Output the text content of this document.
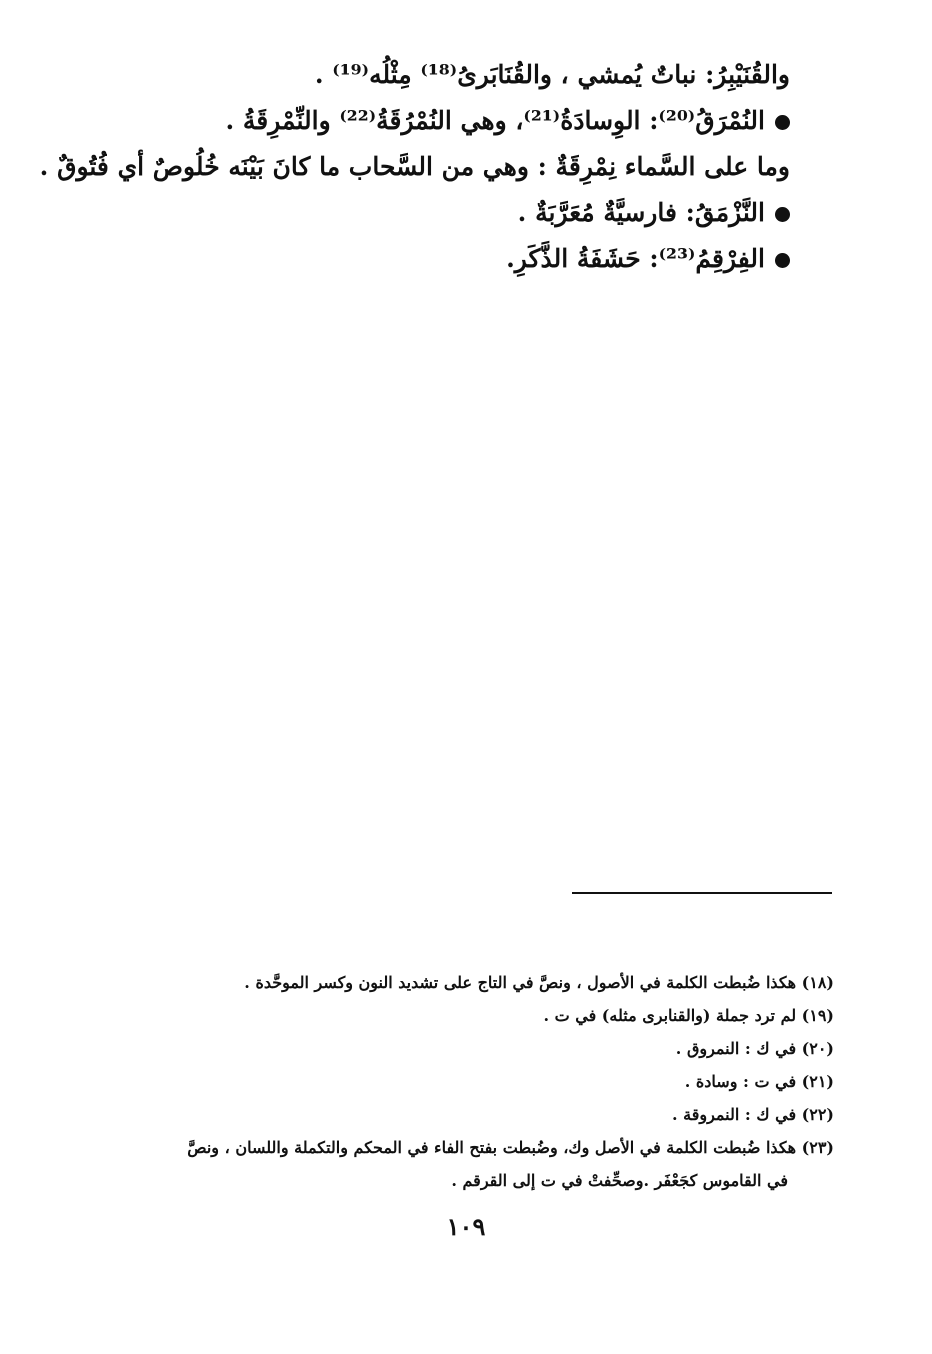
والقُنَيْبِرُ: نباتٌ يُمشي ، والقُنَابَرىُ⁽¹⁸⁾ مِثْلُه⁽¹⁹⁾ .
النُمْرَقُ⁽²⁰⁾: الوِسادَةُ⁽²¹⁾، وهي النُمْرُقَةُ⁽²²⁾ والنِّمْرِقَةُ .
وما على السَّماء نِمْرِقَةٌ : وهي من السَّحاب ما كانَ بَيْنَه خُلُوصٌ أي فُتُوقٌ .
النَّزْمَقُ: فارسيَّةٌ مُعَرَّبَةٌ .
الفِرْقِمُ⁽²³⁾: حَشَفَةُ الذَّكَرِ.
(١٨) هكذا ضُبطت الكلمة في الأصول ، ونصَّ في التاج على تشديد النون وكسر الموحَّدة .
(١٩) لم ترد جملة (والقنابرى مثله) في ت .
(٢٠) في ك : النمروق .
(٢١) في ت : وسادة .
(٢٢) في ك : النمروقة .
(٢٣) هكذا ضُبطت الكلمة في الأصل وك، وضُبطت بفتح الفاء في المحكم والتكملة واللسان ، ونصَّ
في القاموس كجَعْفَر .وصحِّفتْ في ت إلى القرقم .
١٠٩
